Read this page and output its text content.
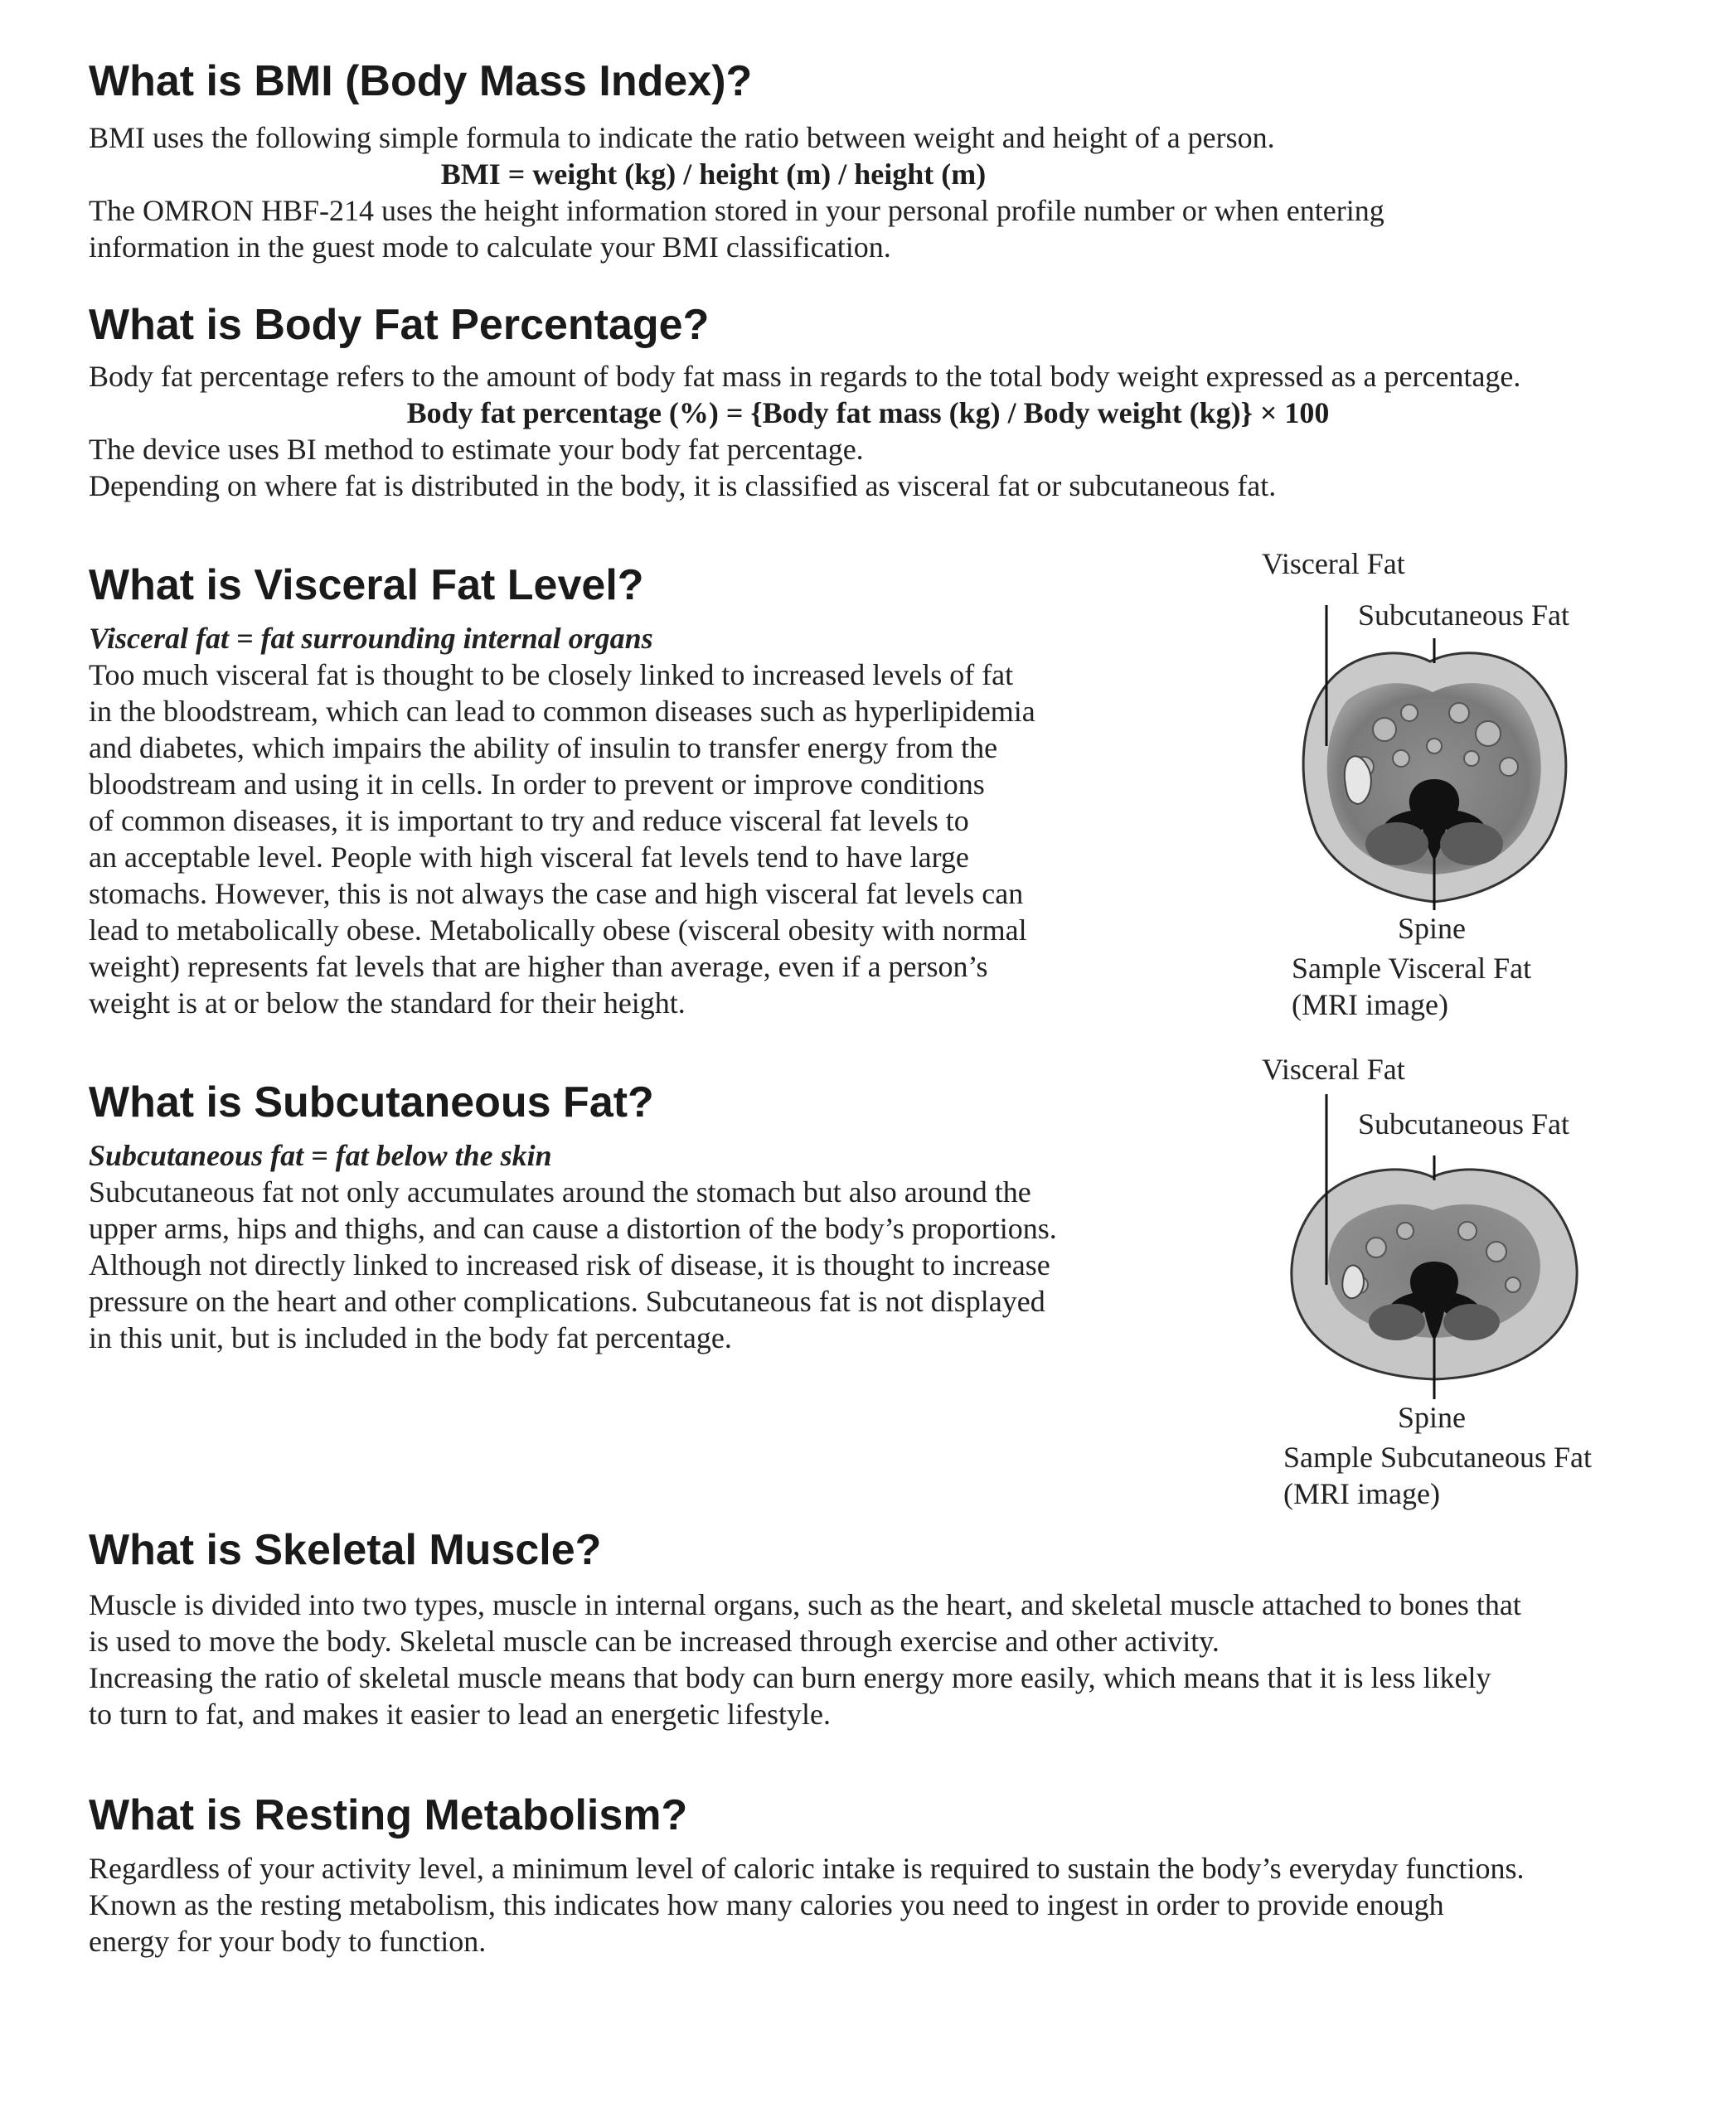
What is BMI (Body Mass Index)?

BMI uses the following simple formula to indicate the ratio between weight and height of a person.

BMI = weight (kg) / height (m) / height (m)

The OMRON HBF-214 uses the height information stored in your personal profile number or when entering
information in the guest mode to calculate your BMI classification.

What is Body Fat Percentage?

Body fat percentage refers to the amount of body fat mass in regards to the total body weight expressed as a percentage.

Body fat percentage (%) = {Body fat mass (kg) / Body weight (kg)} × 100

The device uses BI method to estimate your body fat percentage.
Depending on where fat is distributed in the body, it is classified as visceral fat or subcutaneous fat.

What is Visceral Fat Level?

Visceral fat = fat surrounding internal organs
Too much visceral fat is thought to be closely linked to increased levels of fat
in the bloodstream, which can lead to common diseases such as hyperlipidemia
and diabetes, which impairs the ability of insulin to transfer energy from the
bloodstream and using it in cells. In order to prevent or improve conditions
of common diseases, it is important to try and reduce visceral fat levels to
an acceptable level. People with high visceral fat levels tend to have large
stomachs. However, this is not always the case and high visceral fat levels can
lead to metabolically obese. Metabolically obese (visceral obesity with normal
weight) represents fat levels that are higher than average, even if a person’s
weight is at or below the standard for their height.

What is Subcutaneous Fat?

Subcutaneous fat = fat below the skin
Subcutaneous fat not only accumulates around the stomach but also around the
upper arms, hips and thighs, and can cause a distortion of the body’s proportions.
Although not directly linked to increased risk of disease, it is thought to increase
pressure on the heart and other complications. Subcutaneous fat is not displayed
in this unit, but is included in the body fat percentage.

What is Skeletal Muscle?

Muscle is divided into two types, muscle in internal organs, such as the heart, and skeletal muscle attached to bones that
is used to move the body. Skeletal muscle can be increased through exercise and other activity.
Increasing the ratio of skeletal muscle means that body can burn energy more easily, which means that it is less likely
to turn to fat, and makes it easier to lead an energetic lifestyle.

What is Resting Metabolism?

Regardless of your activity level, a minimum level of caloric intake is required to sustain the body’s everyday functions.
Known as the resting metabolism, this indicates how many calories you need to ingest in order to provide enough
energy for your body to function.

Visceral Fat

Subcutaneous Fat

Spine

Sample Visceral Fat
(MRI image)

Visceral Fat

Subcutaneous Fat

Spine

Sample Subcutaneous Fat
(MRI image)
